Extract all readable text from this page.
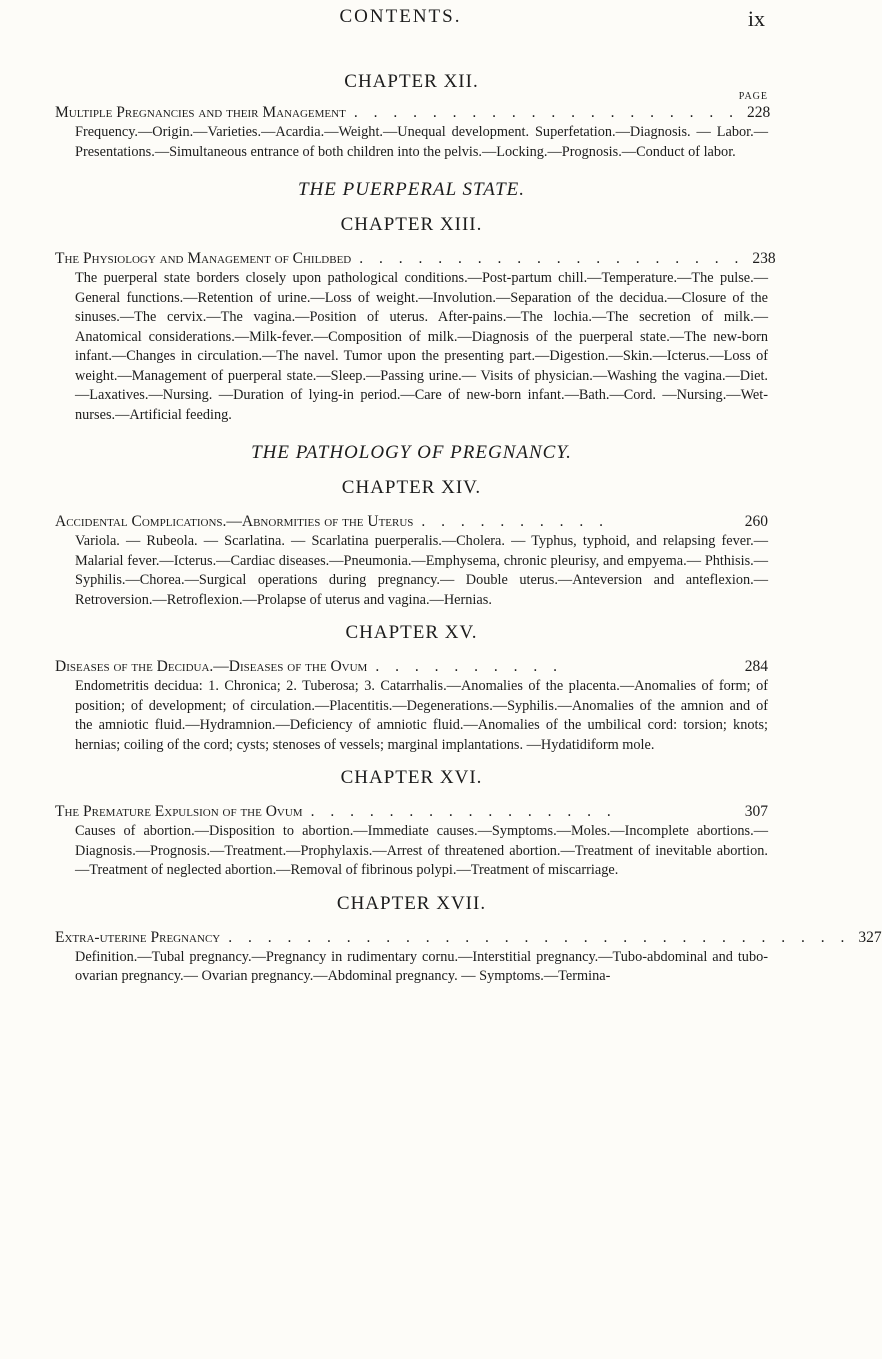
CONTENTS.	ix

CHAPTER XII.

PAGE
Multiple Pregnancies and their Management . . . . . . . . . . . . . . . . . . . . 228

Frequency.—Origin.—Varieties.—Acardia.—Weight.—Unequal development. Superfetation.—Diagnosis. — Labor.—Presentations.—Simultaneous entrance of both children into the pelvis.—Locking.—Prognosis.—Conduct of labor.

THE PUERPERAL STATE.

CHAPTER XIII.

The Physiology and Management of Childbed . . . . . . . . . . . . . . . . . . . . 238

The puerperal state borders closely upon pathological conditions.—Post-partum chill.—Temperature.—The pulse.—General functions.—Retention of urine.—Loss of weight.—Involution.—Separation of the decidua.—Closure of the sinuses.—The cervix.—The vagina.—Position of uterus. After-pains.—The lochia.—The secretion of milk.—Anatomical considerations.—Milk-fever.—Composition of milk.—Diagnosis of the puerperal state.—The new-born infant.—Changes in circulation.—The navel. Tumor upon the presenting part.—Digestion.—Skin.—Icterus.—Loss of weight.—Management of puerperal state.—Sleep.—Passing urine.— Visits of physician.—Washing the vagina.—Diet.—Laxatives.—Nursing. —Duration of lying-in period.—Care of new-born infant.—Bath.—Cord. —Nursing.—Wet-nurses.—Artificial feeding.

THE PATHOLOGY OF PREGNANCY.

CHAPTER XIV.

Accidental Complications.—Abnormities of the Uterus . . . . . . . . . .	260

Variola. — Rubeola. — Scarlatina. — Scarlatina puerperalis.—Cholera. — Typhus, typhoid, and relapsing fever.—Malarial fever.—Icterus.—Cardiac diseases.—Pneumonia.—Emphysema, chronic pleurisy, and empyema.— Phthisis.—Syphilis.—Chorea.—Surgical operations during pregnancy.— Double uterus.—Anteversion and anteflexion.—Retroversion.—Retroflexion.—Prolapse of uterus and vagina.—Hernias.

CHAPTER XV.

Diseases of the Decidua.—Diseases of the Ovum . . . . . . . . . .	284

Endometritis decidua: 1. Chronica; 2. Tuberosa; 3. Catarrhalis.—Anomalies of the placenta.—Anomalies of form; of position; of development; of circulation.—Placentitis.—Degenerations.—Syphilis.—Anomalies of the amnion and of the amniotic fluid.—Hydramnion.—Deficiency of amniotic fluid.—Anomalies of the umbilical cord: torsion; knots; hernias; coiling of the cord; cysts; stenoses of vessels; marginal implantations. —Hydatidiform mole.

CHAPTER XVI.

The Premature Expulsion of the Ovum . . . . . . . . . . . . . . . .	307

Causes of abortion.—Disposition to abortion.—Immediate causes.—Symptoms.—Moles.—Incomplete abortions.—Diagnosis.—Prognosis.—Treatment.—Prophylaxis.—Arrest of threatened abortion.—Treatment of inevitable abortion.—Treatment of neglected abortion.—Removal of fibrinous polypi.—Treatment of miscarriage.

CHAPTER XVII.

Extra-uterine Pregnancy . . . . . . . . . . . . . . . . . . . . . . . . . . . . . . . . 327

Definition.—Tubal pregnancy.—Pregnancy in rudimentary cornu.—Interstitial pregnancy.—Tubo-abdominal and tubo-ovarian pregnancy.— Ovarian pregnancy.—Abdominal pregnancy. — Symptoms.—Termina-
